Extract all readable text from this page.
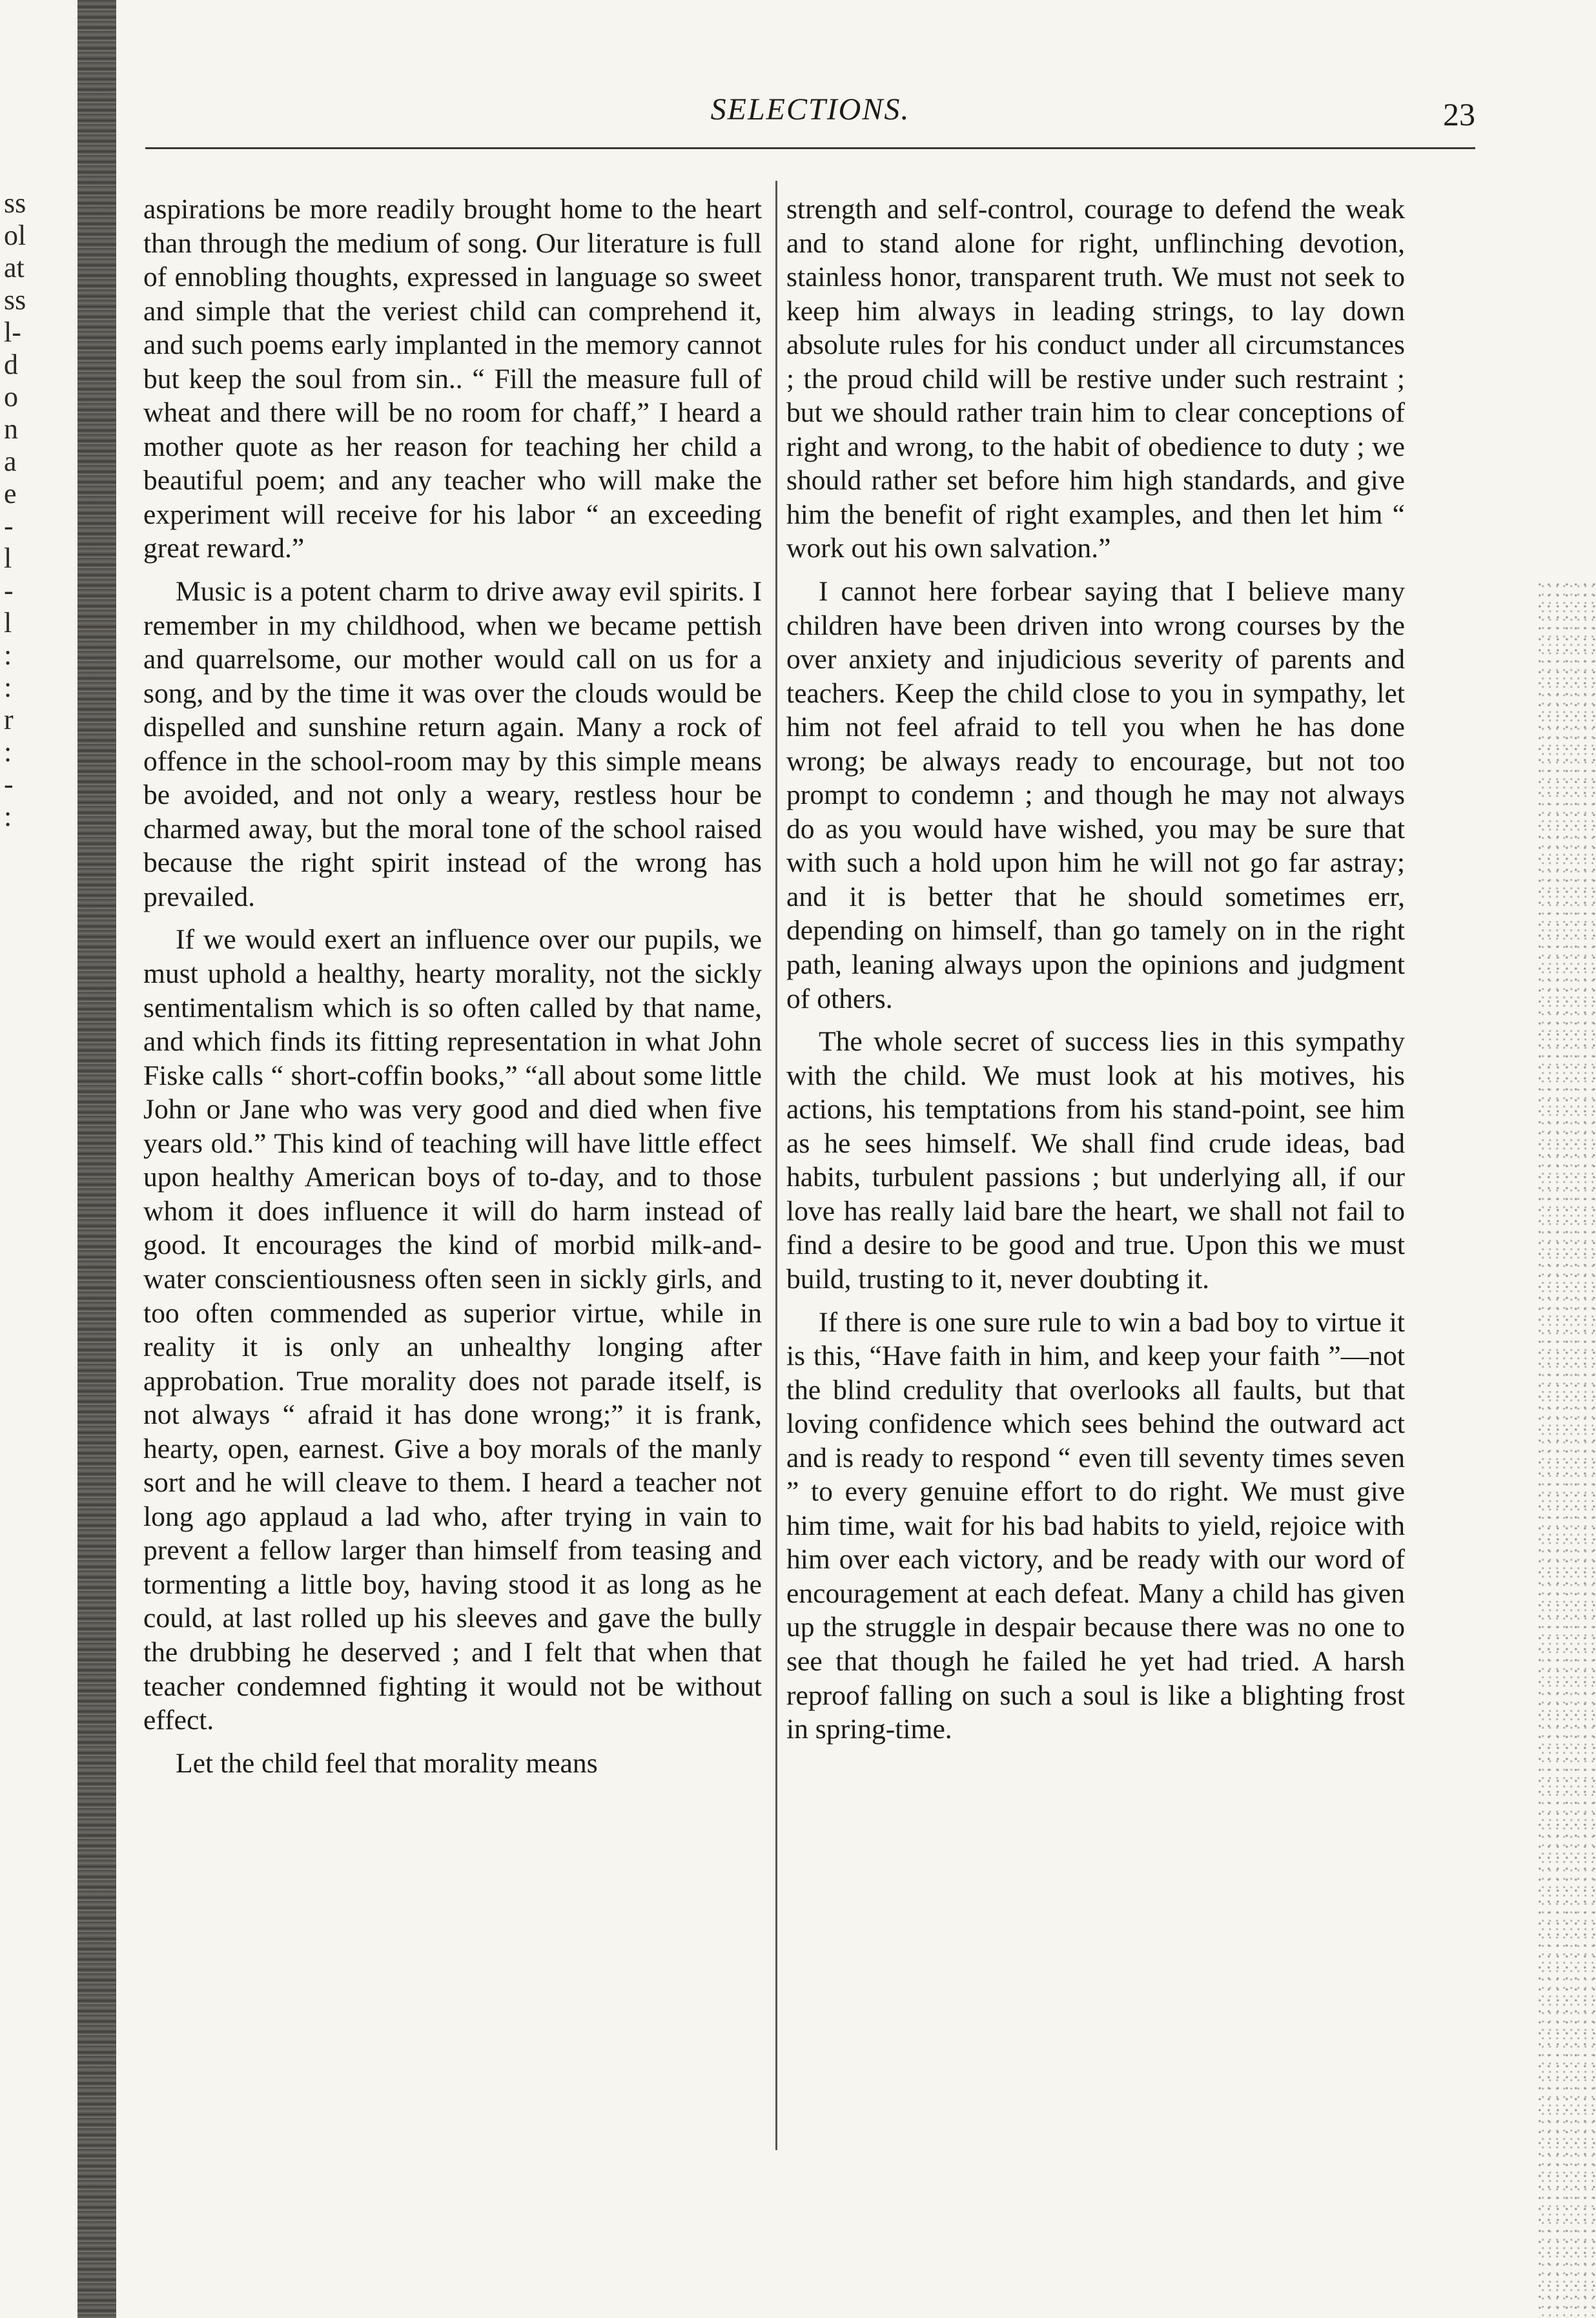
ss
ol
at
ss
l-
d
o
n
a
e
-
l
-
l
:
:
r
:
-
:
SELECTIONS.	23

aspirations be more readily brought home to the heart than through the medium of song. Our literature is full of ennobling thoughts, expressed in language so sweet and simple that the veriest child can comprehend it, and such poems early implanted in the memory cannot but keep the soul from sin.. “ Fill the measure full of wheat and there will be no room for chaff,” I heard a mother quote as her reason for teaching her child a beautiful poem; and any teacher who will make the experiment will receive for his labor “ an exceeding great reward.”

Music is a potent charm to drive away evil spirits. I remember in my childhood, when we became pettish and quarrelsome, our mother would call on us for a song, and by the time it was over the clouds would be dispelled and sunshine return again. Many a rock of offence in the school-room may by this simple means be avoided, and not only a weary, restless hour be charmed away, but the moral tone of the school raised because the right spirit instead of the wrong has prevailed.

If we would exert an influence over our pupils, we must uphold a healthy, hearty morality, not the sickly sentimentalism which is so often called by that name, and which finds its fitting representation in what John Fiske calls “ short-coffin books,” “all about some little John or Jane who was very good and died when five years old.” This kind of teaching will have little effect upon healthy American boys of to-day, and to those whom it does influence it will do harm instead of good. It encourages the kind of morbid milk-and-water conscientiousness often seen in sickly girls, and too often commended as superior virtue, while in reality it is only an unhealthy longing after approbation. True morality does not parade itself, is not always “ afraid it has done wrong;” it is frank, hearty, open, earnest. Give a boy morals of the manly sort and he will cleave to them. I heard a teacher not long ago applaud a lad who, after trying in vain to prevent a fellow larger than himself from teasing and tormenting a little boy, having stood it as long as he could, at last rolled up his sleeves and gave the bully the drubbing he deserved ; and I felt that when that teacher condemned fighting it would not be without effect.

Let the child feel that morality means

strength and self-control, courage to defend the weak and to stand alone for right, unflinching devotion, stainless honor, transparent truth. We must not seek to keep him always in leading strings, to lay down absolute rules for his conduct under all circumstances ; the proud child will be restive under such restraint ; but we should rather train him to clear conceptions of right and wrong, to the habit of obedience to duty ; we should rather set before him high standards, and give him the benefit of right examples, and then let him “ work out his own salvation.”

I cannot here forbear saying that I believe many children have been driven into wrong courses by the over anxiety and injudicious severity of parents and teachers. Keep the child close to you in sympathy, let him not feel afraid to tell you when he has done wrong; be always ready to encourage, but not too prompt to condemn ; and though he may not always do as you would have wished, you may be sure that with such a hold upon him he will not go far astray; and it is better that he should sometimes err, depending on himself, than go tamely on in the right path, leaning always upon the opinions and judgment of others.

The whole secret of success lies in this sympathy with the child. We must look at his motives, his actions, his temptations from his stand-point, see him as he sees himself. We shall find crude ideas, bad habits, turbulent passions ; but underlying all, if our love has really laid bare the heart, we shall not fail to find a desire to be good and true. Upon this we must build, trusting to it, never doubting it.

If there is one sure rule to win a bad boy to virtue it is this, “Have faith in him, and keep your faith ”—not the blind credulity that overlooks all faults, but that loving confidence which sees behind the outward act and is ready to respond “ even till seventy times seven ” to every genuine effort to do right. We must give him time, wait for his bad habits to yield, rejoice with him over each victory, and be ready with our word of encouragement at each defeat. Many a child has given up the struggle in despair because there was no one to see that though he failed he yet had tried. A harsh reproof falling on such a soul is like a blighting frost in spring-time.
